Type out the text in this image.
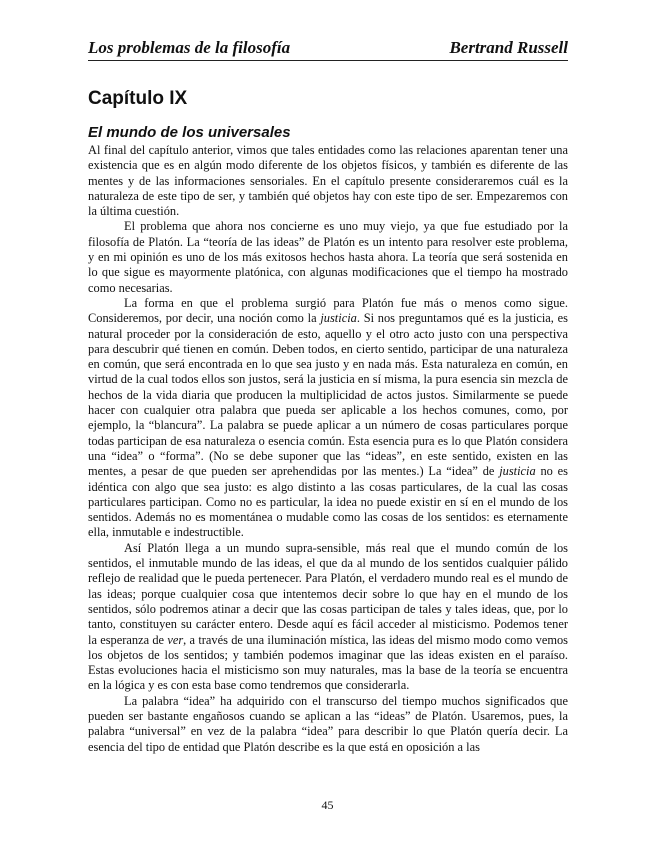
Los problemas de la filosofía	Bertrand Russell
Capítulo IX
El mundo de los universales

Al final del capítulo anterior, vimos que tales entidades como las relaciones aparentan tener una existencia que es en algún modo diferente de los objetos físicos, y también es diferente de las mentes y de las informaciones sensoriales. En el capítulo presente consideraremos cuál es la naturaleza de este tipo de ser, y también qué objetos hay con este tipo de ser. Empezaremos con la última cuestión.

El problema que ahora nos concierne es uno muy viejo, ya que fue estudiado por la filosofía de Platón. La “teoría de las ideas” de Platón es un intento para resolver este problema, y en mi opinión es uno de los más exitosos hechos hasta ahora. La teoría que será sostenida en lo que sigue es mayormente platónica, con algunas modificaciones que el tiempo ha mostrado como necesarias.

La forma en que el problema surgió para Platón fue más o menos como sigue. Consideremos, por decir, una noción como la justicia. Si nos preguntamos qué es la justicia, es natural proceder por la consideración de esto, aquello y el otro acto justo con una perspectiva para descubrir qué tienen en común. Deben todos, en cierto sentido, participar de una naturaleza en común, que será encontrada en lo que sea justo y en nada más. Esta naturaleza en común, en virtud de la cual todos ellos son justos, será la justicia en sí misma, la pura esencia sin mezcla de hechos de la vida diaria que producen la multiplicidad de actos justos. Similarmente se puede hacer con cualquier otra palabra que pueda ser aplicable a los hechos comunes, como, por ejemplo, la “blancura”. La palabra se puede aplicar a un número de cosas particulares porque todas participan de esa naturaleza o esencia común. Esta esencia pura es lo que Platón considera una “idea” o “forma”. (No se debe suponer que las “ideas”, en este sentido, existen en las mentes, a pesar de que pueden ser aprehendidas por las mentes.) La “idea” de justicia no es idéntica con algo que sea justo: es algo distinto a las cosas particulares, de la cual las cosas particulares participan. Como no es particular, la idea no puede existir en sí en el mundo de los sentidos. Además no es momentánea o mudable como las cosas de los sentidos: es eternamente ella, inmutable e indestructible.

Así Platón llega a un mundo supra-sensible, más real que el mundo común de los sentidos, el inmutable mundo de las ideas, el que da al mundo de los sentidos cualquier pálido reflejo de realidad que le pueda pertenecer. Para Platón, el verdadero mundo real es el mundo de las ideas; porque cualquier cosa que intentemos decir sobre lo que hay en el mundo de los sentidos, sólo podremos atinar a decir que las cosas participan de tales y tales ideas, que, por lo tanto, constituyen su carácter entero. Desde aquí es fácil acceder al misticismo. Podemos tener la esperanza de ver, a través de una iluminación mística, las ideas del mismo modo como vemos los objetos de los sentidos; y también podemos imaginar que las ideas existen en el paraíso. Estas evoluciones hacia el misticismo son muy naturales, mas la base de la teoría se encuentra en la lógica y es con esta base como tendremos que considerarla.

La palabra “idea” ha adquirido con el transcurso del tiempo muchos significados que pueden ser bastante engañosos cuando se aplican a las “ideas” de Platón. Usaremos, pues, la palabra “universal” en vez de la palabra “idea” para describir lo que Platón quería decir. La esencia del tipo de entidad que Platón describe es la que está en oposición a las

45
